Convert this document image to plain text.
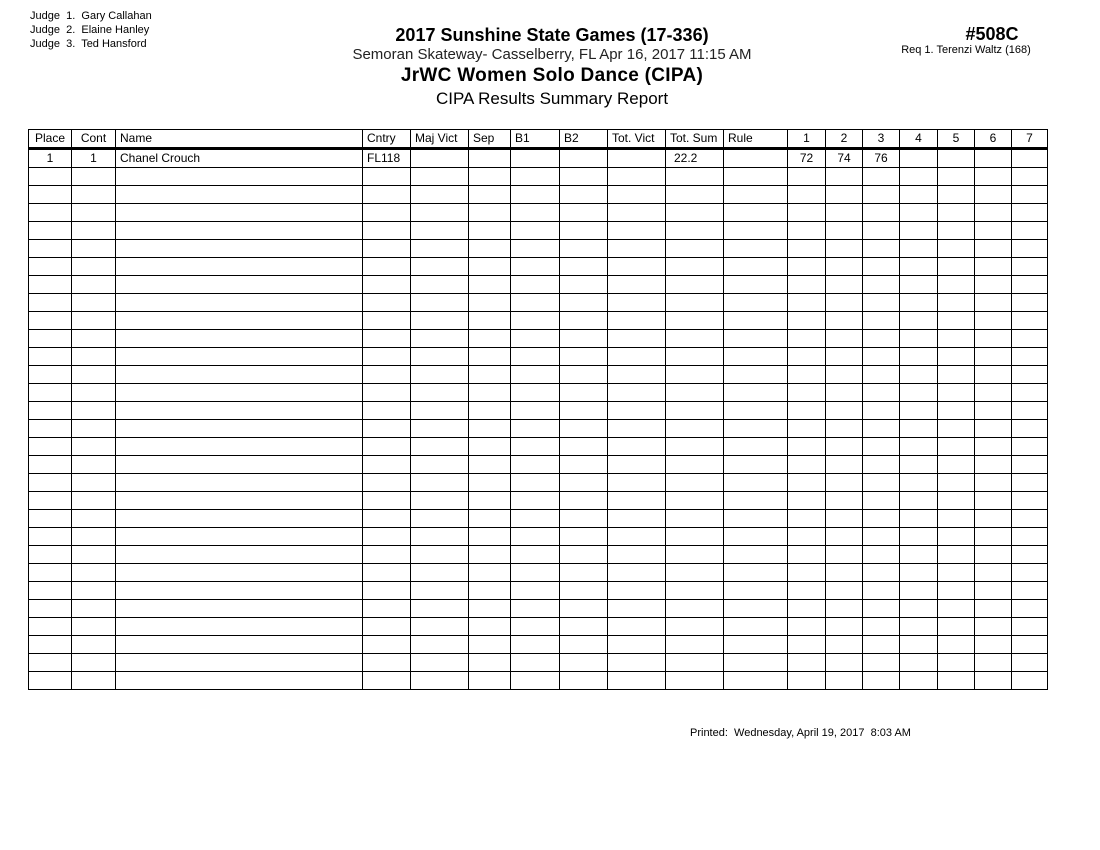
Judge  1. Gary Callahan
Judge  2. Elaine Hanley
Judge  3. Ted Hansford	2017 Sunshine State Games (17-336)
Semoran Skateway- Casselberry, FL Apr 16, 2017 11:15 AM
JrWC Women Solo Dance (CIPA)
CIPA Results Summary Report
#508C
Req 1. Terenzi Waltz (168)
Place	Cont	Name	Cntry	Maj Vict	Sep	B1	B2	Tot. Vict	Tot. Sum	Rule	1	2	3	4	5	6	7
1	1	Chanel Crouch	FL118						22.2		72	74	76				

Printed:  Wednesday, April 19, 2017  8:03 AM
